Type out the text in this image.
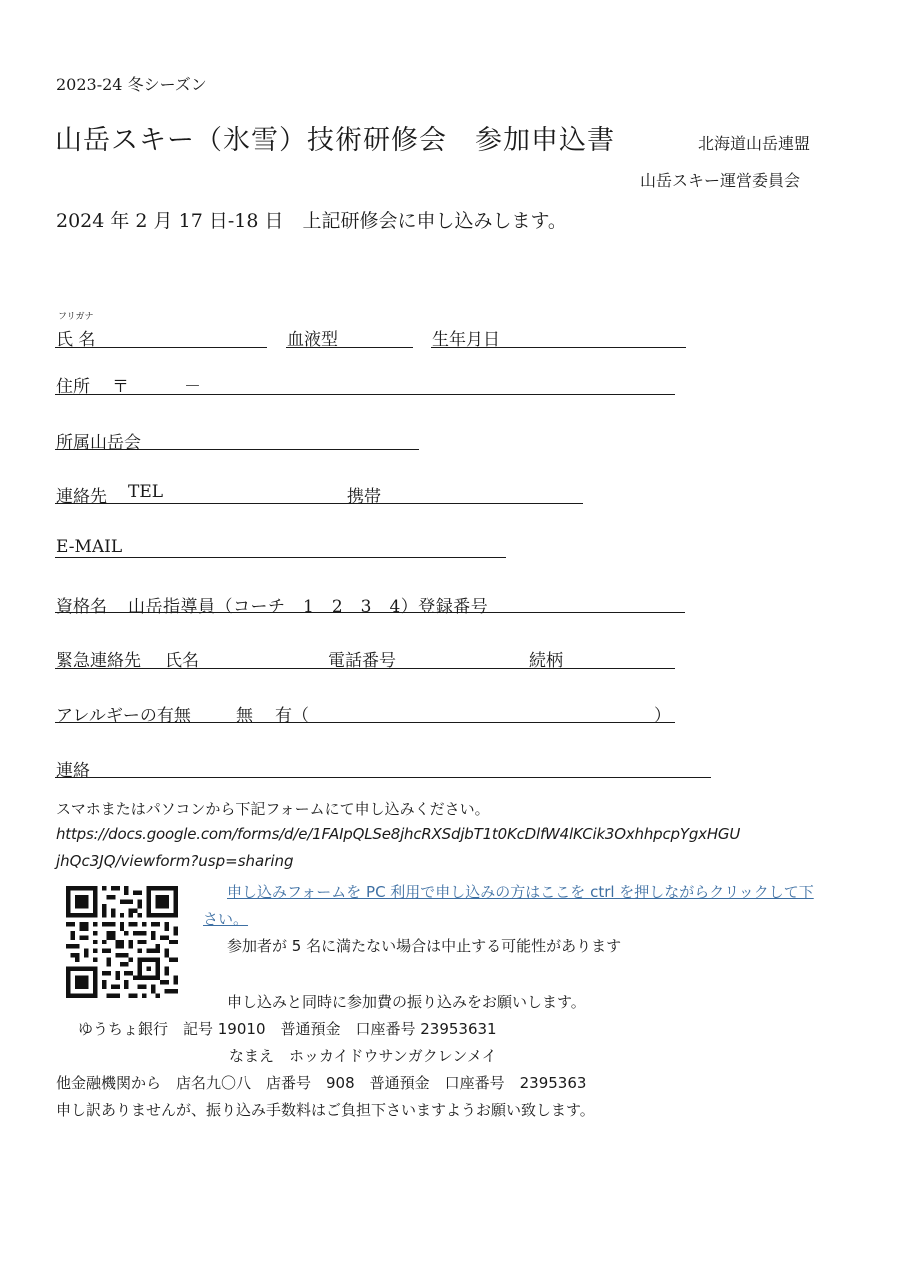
2023-24 冬シーズン
山岳スキー（氷雪）技術研修会　参加申込書	北海道山岳連盟
山岳スキー運営委員会
2024 年 2 月 17 日-18 日　上記研修会に申し込みします。
フリガナ
氏 名	血液型	生年月日
住所 〒	－
所属山岳会
連絡先 TEL	携帯
E-MAIL
資格名 山岳指導員（コーチ　1　2　3　4）登録番号
緊急連絡先 氏名	電話番号	続柄
アレルギーの有無	無 有（	）
連絡
スマホまたはパソコンから下記フォームにて申し込みください。
https://docs.google.com/forms/d/e/1FAIpQLSe8jhcRXSdjbT1t0KcDlfW4lKCik3OxhhpcpYgxHGU
jhQc3JQ/viewform?usp=sharing
申し込みフォームを PC 利用で申し込みの方はここを ctrl を押しながらクリックして下
さい。
参加者が 5 名に満たない場合は中止する可能性があります
申し込みと同時に参加費の振り込みをお願いします。
ゆうちょ銀行　記号 19010　普通預金　口座番号 23953631
なまえ　ホッカイドウサンガクレンメイ
他金融機関から　店名九〇八　店番号　908　普通預金　口座番号　2395363
申し訳ありませんが、振り込み手数料はご負担下さいますようお願い致します。
